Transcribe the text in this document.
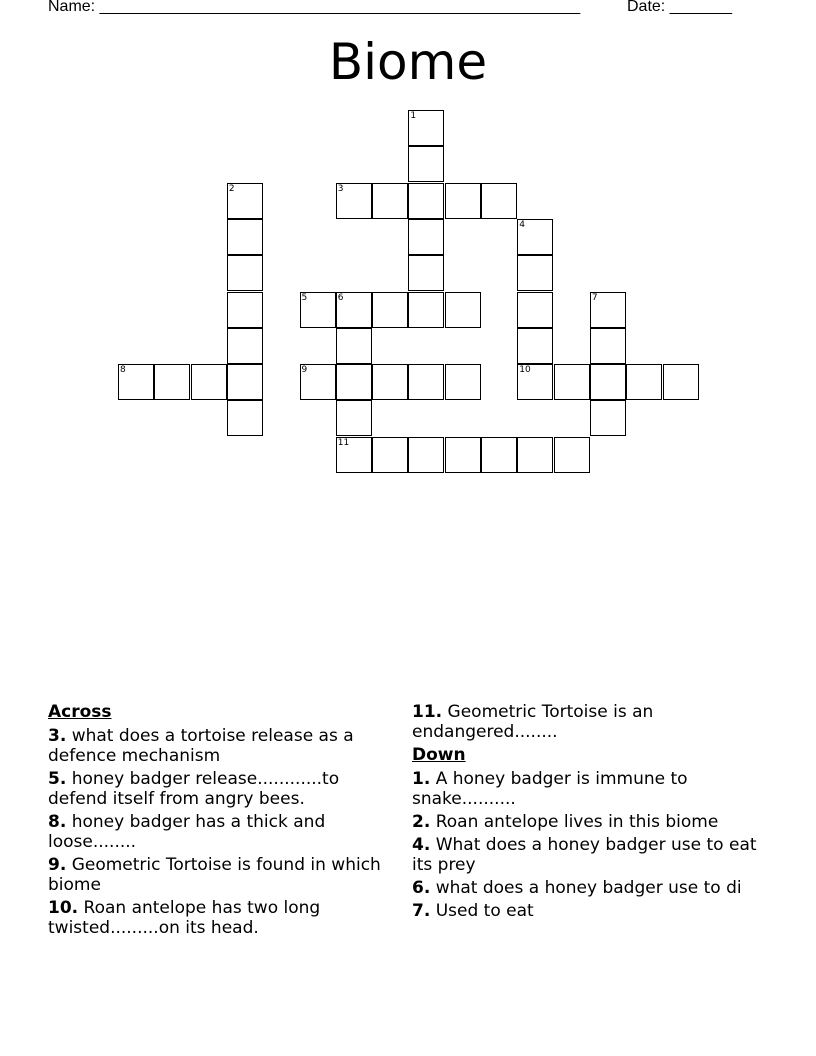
Name: ______________________________________________________	Date: _______
Biome
1
2	3
4
5	6	7
8	9	10
11
Across
3. what does a tortoise release as a defence mechanism
5. honey badger release............to defend itself from angry bees.
8. honey badger has a thick and loose........
9. Geometric Tortoise is found in which biome
10. Roan antelope has two long twisted.........on its head.
11. Geometric Tortoise is an endangered........
Down
1. A honey badger is immune to snake..........
2. Roan antelope lives in this biome
4. What does a honey badger use to eat its prey
6. what does a honey badger use to di
7. Used to eat
